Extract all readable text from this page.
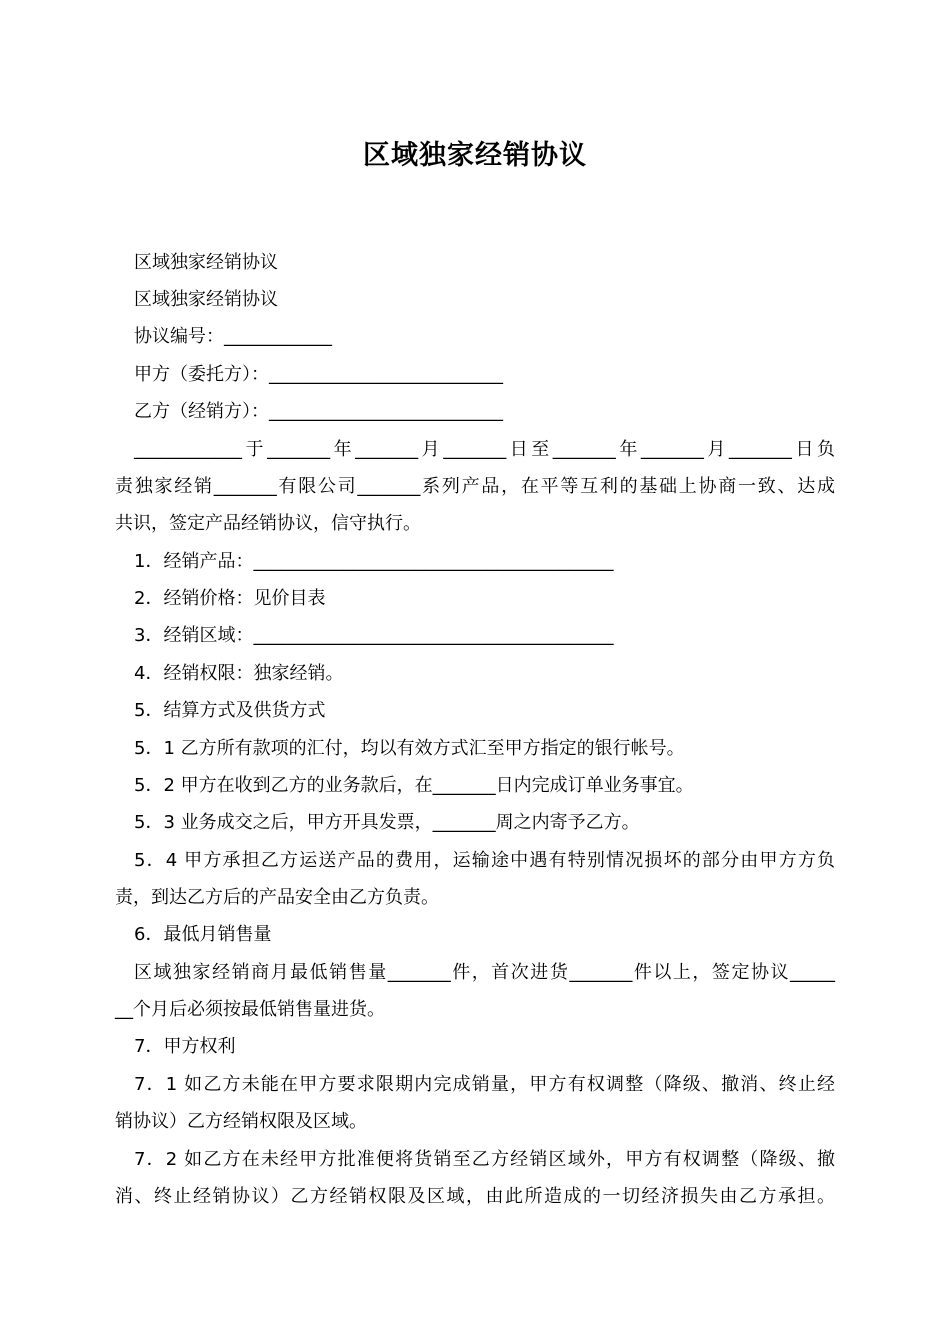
区域独家经销协议
区域独家经销协议
区域独家经销协议
协议编号：____________
甲方（委托方）：__________________________
乙方（经销方）：__________________________
____________于_______年_______月_______日至_______年_______月_______日负
责独家经销_______有限公司_______系列产品，在平等互利的基础上协商一致、达成
共识，签定产品经销协议，信守执行。
1．经销产品：________________________________________
2．经销价格：见价目表
3．经销区域：________________________________________
4．经销权限：独家经销。
5．结算方式及供货方式
5．1 乙方所有款项的汇付，均以有效方式汇至甲方指定的银行帐号。
5．2 甲方在收到乙方的业务款后，在_______日内完成订单业务事宜。
5．3 业务成交之后，甲方开具发票，_______周之内寄予乙方。
5．4 甲方承担乙方运送产品的费用，运输途中遇有特别情况损坏的部分由甲方方负
责，到达乙方后的产品安全由乙方负责。
6．最低月销售量
区域独家经销商月最低销售量_______件，首次进货_______件以上，签定协议_____
__个月后必须按最低销售量进货。
7．甲方权利
7．1 如乙方未能在甲方要求限期内完成销量，甲方有权调整（降级、撤消、终止经
销协议）乙方经销权限及区域。
7．2 如乙方在未经甲方批准便将货销至乙方经销区域外，甲方有权调整（降级、撤
消、终止经销协议）乙方经销权限及区域，由此所造成的一切经济损失由乙方承担。
